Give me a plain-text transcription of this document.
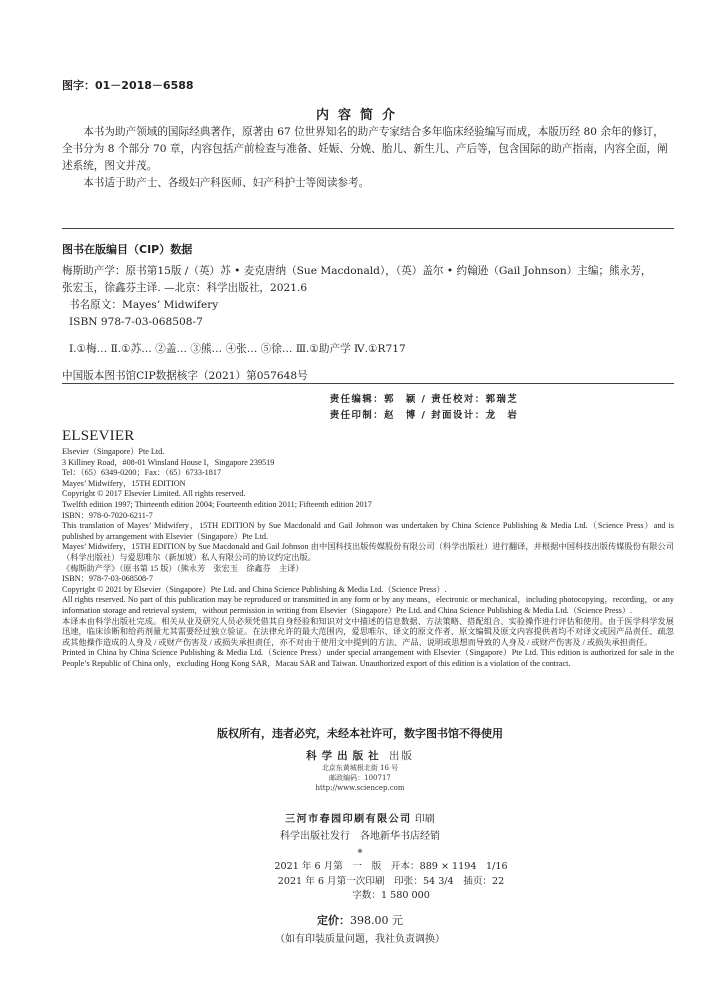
图字：01－2018－6588
内容简介

本书为助产领域的国际经典著作，原著由 67 位世界知名的助产专家结合多年临床经验编写而成，本版历经 80 余年的修订，全书分为 8 个部分 70 章，内容包括产前检查与准备、妊娠、分娩、胎儿、新生儿、产后等，包含国际的助产指南，内容全面，阐述系统，图文并茂。

本书适于助产士、各级妇产科医师、妇产科护士等阅读参考。

图书在版编目（CIP）数据
梅斯助产学：原书第15版 /（英）苏 • 麦克唐纳（Sue Macdonald），（英）盖尔 • 约翰逊（Gail Johnson）主编；熊永芳，
张宏玉，徐鑫芬主译. —北京：科学出版社，2021.6
书名原文：Mayes’ Midwifery
ISBN 978-7-03-068508-7
Ⅰ.①梅… Ⅱ.①苏… ②盖… ③熊… ④张… ⑤徐… Ⅲ.①助产学 Ⅳ.①R717
中国版本图书馆CIP数据核字（2021）第057648号
责任编辑：郭　颖 / 责任校对：郭瑞芝
责任印制：赵　博 / 封面设计：龙　岩
ELSEVIER
Elsevier（Singapore）Pte Ltd.
3 Killiney Road，#08-01 Winsland House I，Singapore 239519
Tel：（65）6349-0200；Fax：（65）6733-1817
Mayes’ Midwifery，15TH EDITION
Copyright © 2017 Elsevier Limited. All rights reserved.
Twelfth edition 1997; Thirteenth edition 2004; Fourteenth edition 2011; Fifteenth edition 2017
ISBN：978-0-7020-6211-7
This translation of Mayes’ Midwifery，15TH EDITION by Sue Macdonald and Gail Johnson was undertaken by China Science Publishing & Media Ltd.（Science Press）and is published by arrangement with Elsevier（Singapore）Pte Ltd.
Mayes’ Midwifery，15TH EDITION by Sue Macdonald and Gail Johnson 由中国科技出版传媒股份有限公司（科学出版社）进行翻译，并根据中国科技出版传媒股份有限公司（科学出版社）与爱思唯尔（新加坡）私人有限公司的协议约定出版。
《梅斯助产学》（原书第 15 版）（熊永芳　张宏玉　徐鑫芬　主译）
ISBN：978-7-03-068508-7
Copyright © 2021 by Elsevier（Singapore）Pte Ltd. and China Science Publishing & Media Ltd.（Science Press）.
All rights reserved. No part of this publication may be reproduced or transmitted in any form or by any means，electronic or mechanical，including photocopying，recording，or any information storage and retrieval system，without permission in writing from Elsevier（Singapore）Pte Ltd. and China Science Publishing & Media Ltd.（Science Press）.
本译本由科学出版社完成。相关从业及研究人员必须凭借其自身经验和知识对文中描述的信息数据、方法策略、搭配组合、实验操作进行评估和使用。由于医学科学发展迅速，临床诊断和给药剂量尤其需要经过独立验证。在法律允许的最大范围内，爱思唯尔、译文的原文作者、原文编辑及原文内容提供者均不对译文或因产品责任、疏忽或其他操作造成的人身及 / 或财产伤害及 / 或损失承担责任，亦不对由于使用文中提到的方法、产品、说明或思想而导致的人身及 / 或财产伤害及 / 或损失承担责任。
Printed in China by China Science Publishing & Media Ltd.（Science Press）under special arrangement with Elsevier（Singapore）Pte Ltd. This edition is authorized for sale in the People’s Republic of China only，excluding Hong Kong SAR，Macau SAR and Taiwan. Unauthorized export of this edition is a violation of the contract.
版权所有，违者必究，未经本社许可，数字图书馆不得使用
科学出版社 出版
北京东黄城根北街 16 号
邮政编码：100717
http://www.sciencep.com
三河市春园印刷有限公司 印刷
科学出版社发行　各地新华书店经销
*
2021 年 6 月第　一　版　开本：889 × 1194　1/16
2021 年 6 月第一次印刷　印张：54 3/4　插页：22
字数：1 580 000
定价：398.00 元
（如有印装质量问题，我社负责调换）
